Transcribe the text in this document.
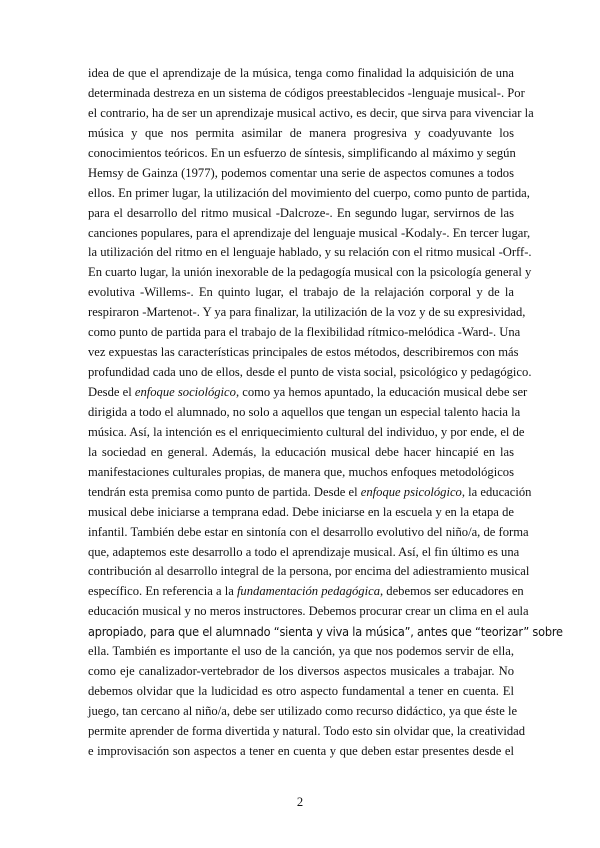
idea de que el aprendizaje de la música, tenga como finalidad la adquisición de una
determinada destreza en un sistema de códigos preestablecidos -lenguaje musical-. Por
el contrario, ha de ser un aprendizaje musical activo, es decir, que sirva para vivenciar la
música y que nos permita asimilar de manera progresiva y coadyuvante los
conocimientos teóricos. En un esfuerzo de síntesis, simplificando al máximo y según
Hemsy de Gainza (1977), podemos comentar una serie de aspectos comunes a todos
ellos. En primer lugar, la utilización del movimiento del cuerpo, como punto de partida,
para el desarrollo del ritmo musical -Dalcroze-. En segundo lugar, servirnos de las
canciones populares, para el aprendizaje del lenguaje musical -Kodaly-. En tercer lugar,
la utilización del ritmo en el lenguaje hablado, y su relación con el ritmo musical -Orff-.
En cuarto lugar, la unión inexorable de la pedagogía musical con la psicología general y
evolutiva -Willems-. En quinto lugar, el trabajo de la relajación corporal y de la
respiraron -Martenot-. Y ya para finalizar, la utilización de la voz y de su expresividad,
como punto de partida para el trabajo de la flexibilidad rítmico-melódica -Ward-. Una
vez expuestas las características principales de estos métodos, describiremos con más
profundidad cada uno de ellos, desde el punto de vista social, psicológico y pedagógico.
Desde el enfoque sociológico, como ya hemos apuntado, la educación musical debe ser
dirigida a todo el alumnado, no solo a aquellos que tengan un especial talento hacia la
música. Así, la intención es el enriquecimiento cultural del individuo, y por ende, el de
la sociedad en general. Además, la educación musical debe hacer hincapié en las
manifestaciones culturales propias, de manera que, muchos enfoques metodológicos
tendrán esta premisa como punto de partida. Desde el enfoque psicológico, la educación
musical debe iniciarse a temprana edad. Debe iniciarse en la escuela y en la etapa de
infantil. También debe estar en sintonía con el desarrollo evolutivo del niño/a, de forma
que, adaptemos este desarrollo a todo el aprendizaje musical. Así, el fin último es una
contribución al desarrollo integral de la persona, por encima del adiestramiento musical
específico. En referencia a la fundamentación pedagógica, debemos ser educadores en
educación musical y no meros instructores. Debemos procurar crear un clima en el aula
apropiado, para que el alumnado “sienta y viva la música”, antes que “teorizar” sobre
ella. También es importante el uso de la canción, ya que nos podemos servir de ella,
como eje canalizador-vertebrador de los diversos aspectos musicales a trabajar. No
debemos olvidar que la ludicidad es otro aspecto fundamental a tener en cuenta. El
juego, tan cercano al niño/a, debe ser utilizado como recurso didáctico, ya que éste le
permite aprender de forma divertida y natural. Todo esto sin olvidar que, la creatividad
e improvisación son aspectos a tener en cuenta y que deben estar presentes desde el
2
